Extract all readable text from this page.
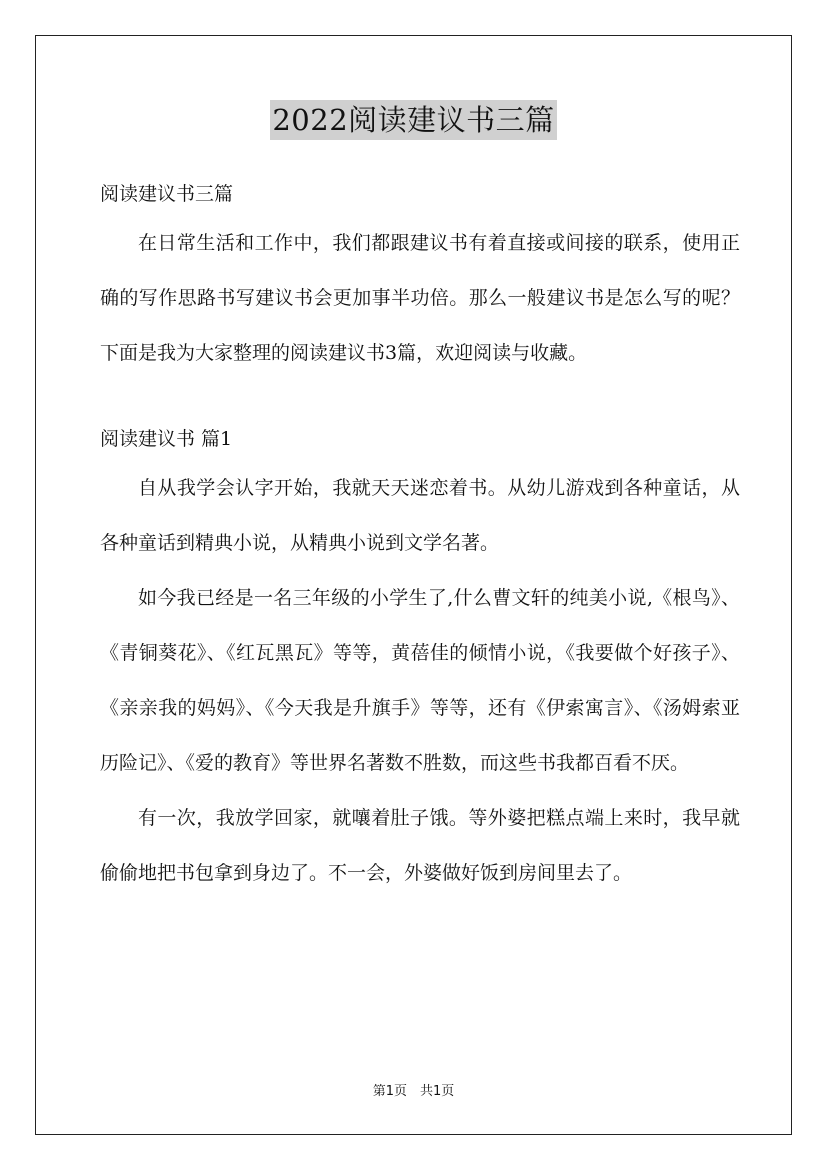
2022阅读建议书三篇

阅读建议书三篇

在日常生活和工作中，我们都跟建议书有着直接或间接的联系，使用正确的写作思路书写建议书会更加事半功倍。那么一般建议书是怎么写的呢？下面是我为大家整理的阅读建议书3篇，欢迎阅读与收藏。

阅读建议书 篇1

自从我学会认字开始，我就天天迷恋着书。从幼儿游戏到各种童话，从各种童话到精典小说，从精典小说到文学名著。

如今我已经是一名三年级的小学生了,什么曹文轩的纯美小说,《根鸟》、《青铜葵花》、《红瓦黑瓦》等等，黄蓓佳的倾情小说，《我要做个好孩子》、《亲亲我的妈妈》、《今天我是升旗手》等等，还有《伊索寓言》、《汤姆索亚历险记》、《爱的教育》等世界名著数不胜数，而这些书我都百看不厌。

有一次，我放学回家，就嚷着肚子饿。等外婆把糕点端上来时，我早就偷偷地把书包拿到身边了。不一会，外婆做好饭到房间里去了。

第1页　共1页
